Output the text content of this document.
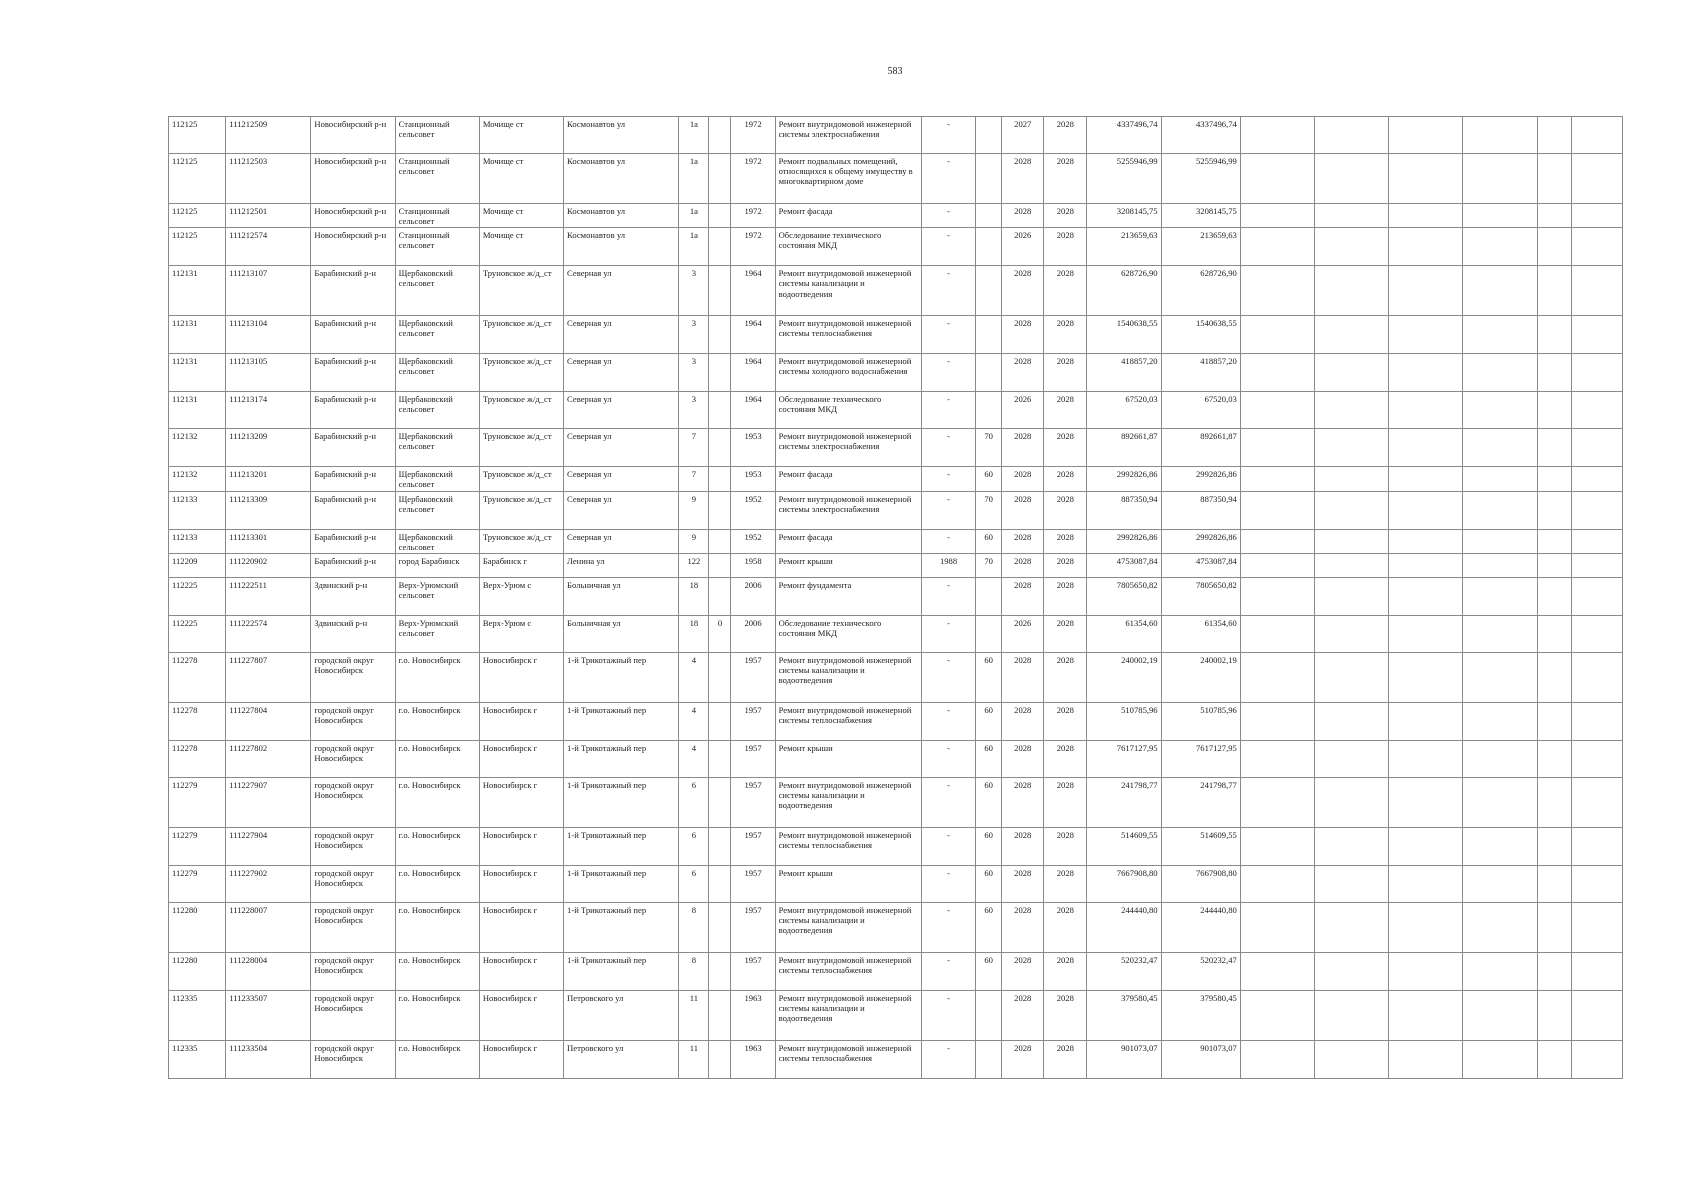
583
112125	111212509	Новосибирский р-н	Станционный сельсовет	Мочище ст	Космонавтов ул	1а		1972	Ремонт внутридомовой инженерной системы электроснабжения	-		2027	2028	4337496,74	4337496,74						
112125	111212503	Новосибирский р-н	Станционный сельсовет	Мочище ст	Космонавтов ул	1а		1972	Ремонт подвальных помещений, относящихся к общему имуществу в многоквартирном доме	-		2028	2028	5255946,99	5255946,99						
112125	111212501	Новосибирский р-н	Станционный сельсовет	Мочище ст	Космонавтов ул	1а		1972	Ремонт фасада	-		2028	2028	3208145,75	3208145,75						
112125	111212574	Новосибирский р-н	Станционный сельсовет	Мочище ст	Космонавтов ул	1а		1972	Обследование технического состояния МКД	-		2026	2028	213659,63	213659,63						
112131	111213107	Барабинский р-н	Щербаковский сельсовет	Труновское ж/д_ст	Северная ул	3		1964	Ремонт внутридомовой инженерной системы канализации и водоотведения	-		2028	2028	628726,90	628726,90						
112131	111213104	Барабинский р-н	Щербаковский сельсовет	Труновское ж/д_ст	Северная ул	3		1964	Ремонт внутридомовой инженерной системы теплоснабжения	-		2028	2028	1540638,55	1540638,55						
112131	111213105	Барабинский р-н	Щербаковский сельсовет	Труновское ж/д_ст	Северная ул	3		1964	Ремонт внутридомовой инженерной системы холодного водоснабжения	-		2028	2028	418857,20	418857,20						
112131	111213174	Барабинский р-н	Щербаковский сельсовет	Труновское ж/д_ст	Северная ул	3		1964	Обследование технического состояния МКД	-		2026	2028	67520,03	67520,03						
112132	111213209	Барабинский р-н	Щербаковский сельсовет	Труновское ж/д_ст	Северная ул	7		1953	Ремонт внутридомовой инженерной системы электроснабжения	-	70	2028	2028	892661,87	892661,87						
112132	111213201	Барабинский р-н	Щербаковский сельсовет	Труновское ж/д_ст	Северная ул	7		1953	Ремонт фасада	-	60	2028	2028	2992826,86	2992826,86						
112133	111213309	Барабинский р-н	Щербаковский сельсовет	Труновское ж/д_ст	Северная ул	9		1952	Ремонт внутридомовой инженерной системы электроснабжения	-	70	2028	2028	887350,94	887350,94						
112133	111213301	Барабинский р-н	Щербаковский сельсовет	Труновское ж/д_ст	Северная ул	9		1952	Ремонт фасада	-	60	2028	2028	2992826,86	2992826,86						
112209	111220902	Барабинский р-н	город Барабинск	Барабинск г	Ленина ул	122		1958	Ремонт крыши	1988	70	2028	2028	4753087,84	4753087,84						
112225	111222511	Здвинский р-н	Верх-Урюмский сельсовет	Верх-Урюм с	Больничная ул	18		2006	Ремонт фундамента	-		2028	2028	7805650,82	7805650,82						
112225	111222574	Здвинский р-н	Верх-Урюмский сельсовет	Верх-Урюм с	Больничная ул	18	0	2006	Обследование технического состояния МКД	-		2026	2028	61354,60	61354,60						
112278	111227807	городской округ Новосибирск	г.о. Новосибирск	Новосибирск г	1-й Трикотажный пер	4		1957	Ремонт внутридомовой инженерной системы канализации и водоотведения	-	60	2028	2028	240002,19	240002,19						
112278	111227804	городской округ Новосибирск	г.о. Новосибирск	Новосибирск г	1-й Трикотажный пер	4		1957	Ремонт внутридомовой инженерной системы теплоснабжения	-	60	2028	2028	510785,96	510785,96						
112278	111227802	городской округ Новосибирск	г.о. Новосибирск	Новосибирск г	1-й Трикотажный пер	4		1957	Ремонт крыши	-	60	2028	2028	7617127,95	7617127,95						
112279	111227907	городской округ Новосибирск	г.о. Новосибирск	Новосибирск г	1-й Трикотажный пер	6		1957	Ремонт внутридомовой инженерной системы канализации и водоотведения	-	60	2028	2028	241798,77	241798,77						
112279	111227904	городской округ Новосибирск	г.о. Новосибирск	Новосибирск г	1-й Трикотажный пер	6		1957	Ремонт внутридомовой инженерной системы теплоснабжения	-	60	2028	2028	514609,55	514609,55						
112279	111227902	городской округ Новосибирск	г.о. Новосибирск	Новосибирск г	1-й Трикотажный пер	6		1957	Ремонт крыши	-	60	2028	2028	7667908,80	7667908,80						
112280	111228007	городской округ Новосибирск	г.о. Новосибирск	Новосибирск г	1-й Трикотажный пер	8		1957	Ремонт внутридомовой инженерной системы канализации и водоотведения	-	60	2028	2028	244440,80	244440,80						
112280	111228004	городской округ Новосибирск	г.о. Новосибирск	Новосибирск г	1-й Трикотажный пер	8		1957	Ремонт внутридомовой инженерной системы теплоснабжения	-	60	2028	2028	520232,47	520232,47						
112335	111233507	городской округ Новосибирск	г.о. Новосибирск	Новосибирск г	Петровского ул	11		1963	Ремонт внутридомовой инженерной системы канализации и водоотведения	-		2028	2028	379580,45	379580,45						
112335	111233504	городской округ Новосибирск	г.о. Новосибирск	Новосибирск г	Петровского ул	11		1963	Ремонт внутридомовой инженерной системы теплоснабжения	-		2028	2028	901073,07	901073,07						
